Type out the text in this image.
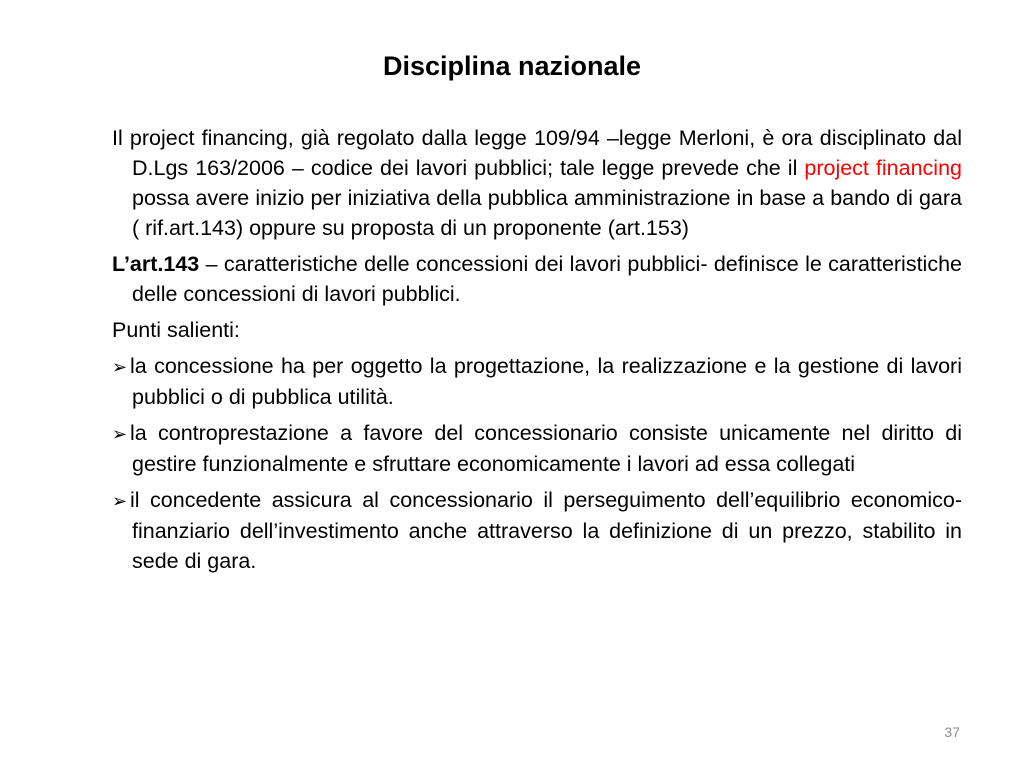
Disciplina nazionale

Il project financing, già regolato dalla legge 109/94 –legge Merloni, è ora disciplinato dal D.Lgs 163/2006 – codice dei lavori pubblici; tale legge prevede che il project financing possa avere inizio per iniziativa della pubblica amministrazione in base a bando di gara ( rif.art.143) oppure su proposta di un proponente (art.153)

L’art.143 – caratteristiche delle concessioni dei lavori pubblici- definisce le caratteristiche delle concessioni di lavori pubblici.

Punti salienti:

➢ la concessione ha per oggetto la progettazione, la realizzazione e la gestione di lavori pubblici o di pubblica utilità.

➢ la controprestazione a favore del concessionario consiste unicamente nel diritto di gestire funzionalmente e sfruttare economicamente i lavori ad essa collegati

➢ il concedente assicura al concessionario il perseguimento dell’equilibrio economico-finanziario dell’investimento anche attraverso la definizione di un prezzo, stabilito in sede di gara.

37
